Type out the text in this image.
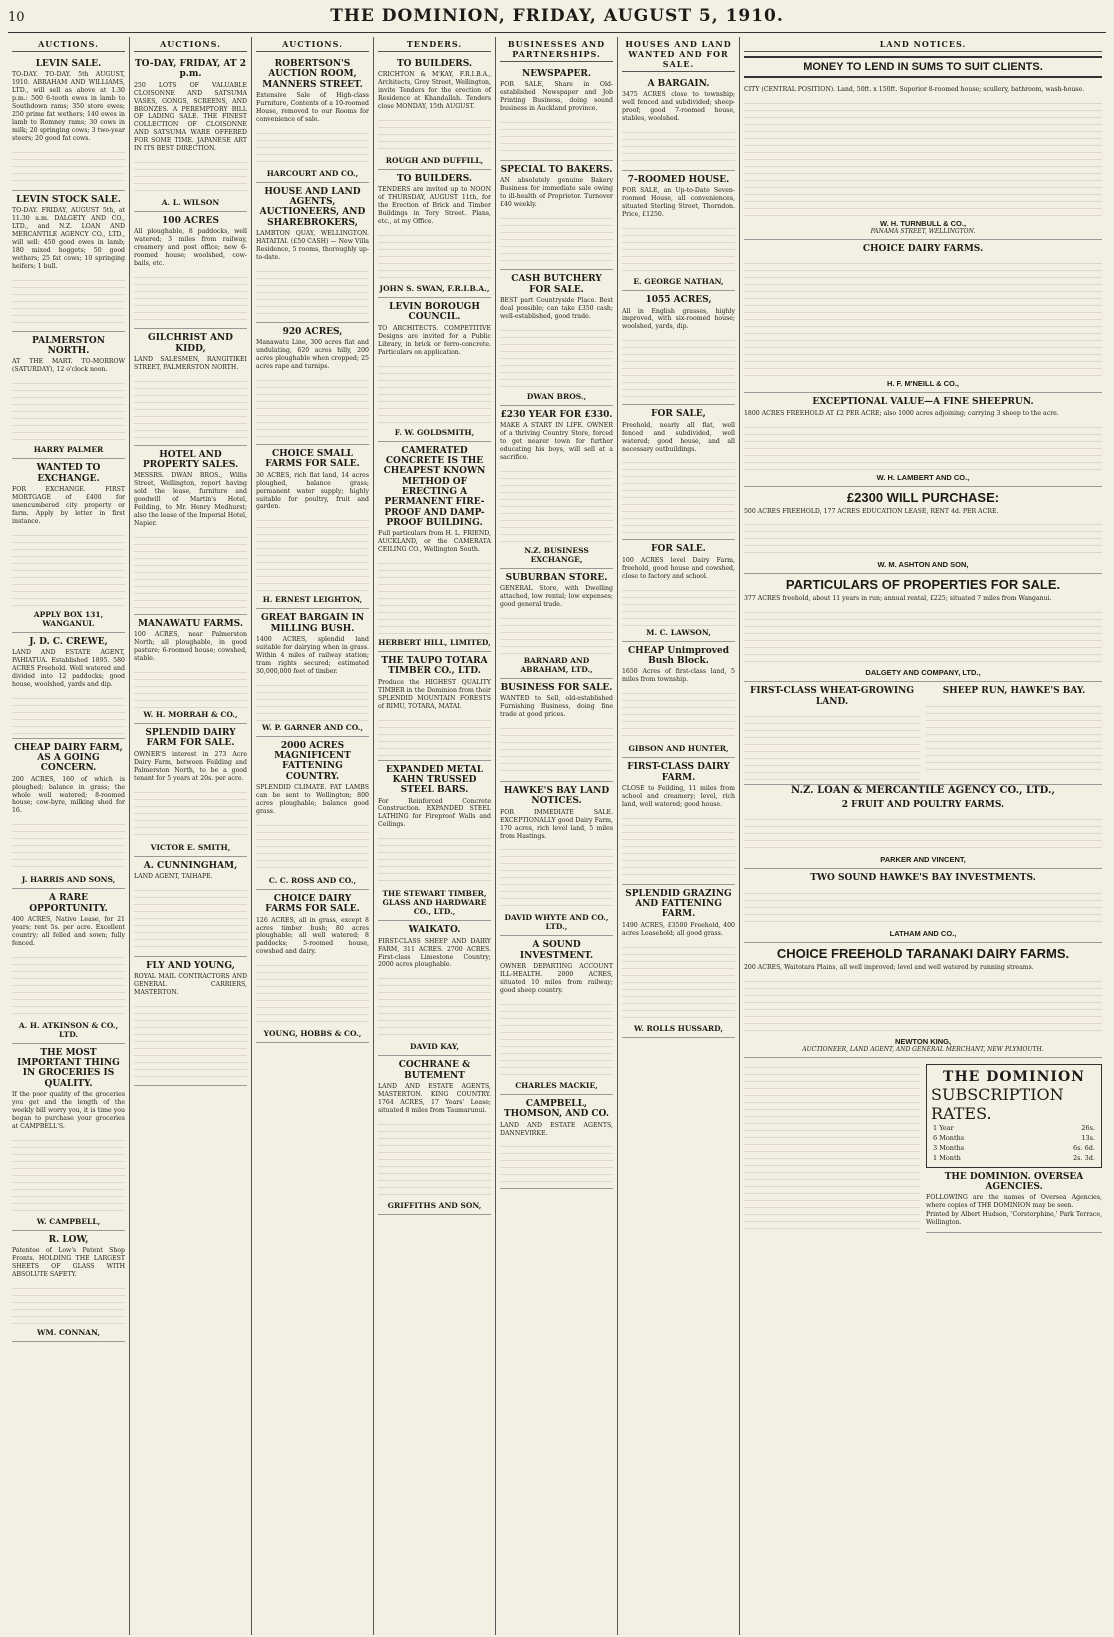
10	THE DOMINION, FRIDAY, AUGUST 5, 1910.
AUCTIONS.
LEVIN SALE.

TO-DAY. TO-DAY. 5th AUGUST, 1910. ABRAHAM AND WILLIAMS, LTD., will sell as above at 1.30 p.m.: 500 6-tooth ewes in lamb to Southdown rams; 350 store ewes; 250 prime fat wethers; 140 ewes in lamb to Romney rams; 30 cows in milk; 20 springing cows; 3 two-year steers; 20 good fat cows.

LEVIN STOCK SALE.

TO-DAY. FRIDAY, AUGUST 5th, at 11.30 a.m. DALGETY AND CO., LTD., and N.Z. LOAN AND MERCANTILE AGENCY CO., LTD., will sell: 450 good ewes in lamb; 180 mixed hoggets; 50 good wethers; 25 fat cows; 10 springing heifers; 1 bull.

PALMERSTON NORTH.

AT THE MART. TO-MORROW (SATURDAY), 12 o'clock noon.

HARRY PALMER
WANTED TO EXCHANGE.

FOR EXCHANGE. FIRST MORTGAGE of £400 for unencumbered city property or farm. Apply by letter in first instance.

APPLY BOX 131, WANGANUI.
J. D. C. CREWE,

LAND AND ESTATE AGENT, PAHIATUA. Established 1895. 580 ACRES Freehold. Well watered and divided into 12 paddocks; good house, woolshed, yards and dip.

CHEAP DAIRY FARM, AS A GOING CONCERN.

200 ACRES, 160 of which is ploughed; balance in grass; the whole well watered; 8-roomed house; cow-byre, milking shed for 16.

J. HARRIS AND SONS,
A RARE OPPORTUNITY.

400 ACRES, Native Lease, for 21 years; rent 5s. per acre. Excellent country; all felled and sown; fully fenced.

A. H. ATKINSON & CO., LTD.
THE MOST IMPORTANT THING IN GROCERIES IS QUALITY.

If the poor quality of the groceries you get and the length of the weekly bill worry you, it is time you began to purchase your groceries at CAMPBELL'S.

W. CAMPBELL,
R. LOW,

Patentee of Low's Patent Shop Fronts. HOLDING THE LARGEST SHEETS OF GLASS WITH ABSOLUTE SAFETY.

WM. CONNAN,
AUCTIONS.
TO-DAY, FRIDAY, AT 2 p.m.

250 LOTS OF VALUABLE CLOISONNE AND SATSUMA VASES, GONGS, SCREENS, AND BRONZES. A PEREMPTORY BILL OF LADING SALE. THE FINEST COLLECTION OF CLOISONNE AND SATSUMA WARE OFFERED FOR SOME TIME. JAPANESE ART IN ITS BEST DIRECTION.

A. L. WILSON
100 ACRES

All ploughable, 8 paddocks, well watered; 3 miles from railway, creamery and post office; new 6-roomed house; woolshed, cow-bails, etc.

GILCHRIST AND KIDD,

LAND SALESMEN, RANGITIKEI STREET, PALMERSTON NORTH.

HOTEL AND PROPERTY SALES.

MESSRS. DWAN BROS., Willis Street, Wellington, report having sold the lease, furniture and goodwill of Martin's Hotel, Feilding, to Mr. Henry Medhurst; also the lease of the Imperial Hotel, Napier.

MANAWATU FARMS.

100 ACRES, near Palmerston North; all ploughable, in good pasture; 6-roomed house; cowshed, stable.

W. H. MORRAH & CO.,
SPLENDID DAIRY FARM FOR SALE.

OWNER'S interest in 273 Acre Dairy Farm, between Feilding and Palmerston North, to be a good tenant for 5 years at 20s. per acre.

VICTOR E. SMITH,
A. CUNNINGHAM,

LAND AGENT, TAIHAPE.

FLY AND YOUNG,

ROYAL MAIL CONTRACTORS AND GENERAL CARRIERS, MASTERTON.

AUCTIONS.
ROBERTSON'S AUCTION ROOM, MANNERS STREET.

Extensive Sale of High-class Furniture, Contents of a 10-roomed House, removed to our Rooms for convenience of sale.

HARCOURT AND CO.,
HOUSE AND LAND AGENTS, AUCTIONEERS, AND SHAREBROKERS,

LAMBTON QUAY, WELLINGTON. HATAITAI. (£50 CASH) — New Villa Residence, 5 rooms, thoroughly up-to-date.

920 ACRES,

Manawatu Line, 300 acres flat and undulating, 620 acres hilly, 200 acres ploughable when cropped; 25 acres rape and turnips.

CHOICE SMALL FARMS FOR SALE.

30 ACRES, rich flat land, 14 acres ploughed, balance grass; permanent water supply; highly suitable for poultry, fruit and garden.

H. ERNEST LEIGHTON,
GREAT BARGAIN IN MILLING BUSH.

1400 ACRES, splendid land suitable for dairying when in grass. Within 4 miles of railway station; tram rights secured; estimated 30,000,000 feet of timber.

W. P. GARNER AND CO.,
2000 ACRES MAGNIFICENT FATTENING COUNTRY.

SPLENDID CLIMATE. FAT LAMBS can be sent to Wellington; 800 acres ploughable; balance good grass.

C. C. ROSS AND CO.,
CHOICE DAIRY FARMS FOR SALE.

126 ACRES, all in grass, except 8 acres timber bush; 80 acres ploughable; all well watered; 8 paddocks; 5-roomed house, cowshed and dairy.

YOUNG, HOBBS & CO.,
TENDERS.
TO BUILDERS.

CRICHTON & M'KAY, F.R.I.B.A., Architects, Grey Street, Wellington, invite Tenders for the erection of Residence at Khandallah. Tenders close MONDAY, 15th AUGUST.

ROUGH AND DUFFILL,
TO BUILDERS.

TENDERS are invited up to NOON of THURSDAY, AUGUST 11th, for the Erection of Brick and Timber Buildings in Tory Street. Plans, etc., at my Office.

JOHN S. SWAN, F.R.I.B.A.,
LEVIN BOROUGH COUNCIL.

TO ARCHITECTS. COMPETITIVE Designs are invited for a Public Library, in brick or ferro-concrete. Particulars on application.

F. W. GOLDSMITH,
CAMERATED CONCRETE IS THE CHEAPEST KNOWN METHOD OF ERECTING A PERMANENT FIRE-PROOF AND DAMP-PROOF BUILDING.

Full particulars from H. L. FRIEND, AUCKLAND, or the CAMERATA CEILING CO., Wellington South.

HERBERT HILL, LIMITED,
THE TAUPO TOTARA TIMBER CO., LTD.

Produce the HIGHEST QUALITY TIMBER in the Dominion from their SPLENDID MOUNTAIN FORESTS of RIMU, TOTARA, MATAI.

EXPANDED METAL KAHN TRUSSED STEEL BARS.

For Reinforced Concrete Construction. EXPANDED STEEL LATHING for Fireproof Walls and Ceilings.

THE STEWART TIMBER, GLASS AND HARDWARE CO., LTD.,
WAIKATO.

FIRST-CLASS SHEEP AND DAIRY FARM, 311 ACRES. 2700 ACRES. First-class Limestone Country; 2000 acres ploughable.

DAVID KAY,
COCHRANE & BUTEMENT

LAND AND ESTATE AGENTS, MASTERTON. KING COUNTRY. 1764 ACRES, 17 Years' Lease; situated 8 miles from Taumarunui.

GRIFFITHS AND SON,
BUSINESSES AND PARTNERSHIPS.
NEWSPAPER.

FOR SALE, Share in Old-established Newspaper and Job Printing Business, doing sound business in Auckland province.

SPECIAL TO BAKERS.

AN absolutely genuine Bakery Business for immediate sale owing to ill-health of Proprietor. Turnover £40 weekly.

CASH BUTCHERY FOR SALE.

BEST part Countryside Place. Best deal possible; can take £350 cash; well-established, good trade.

DWAN BROS.,
£230 YEAR FOR £330.

MAKE A START IN LIFE. OWNER of a thriving Country Store, forced to get nearer town for further educating his boys, will sell at a sacrifice.

N.Z. BUSINESS EXCHANGE,
SUBURBAN STORE.

GENERAL Store, with Dwelling attached, low rental; low expenses; good general trade.

BARNARD AND ABRAHAM, LTD.,
BUSINESS FOR SALE.

WANTED to Sell, old-established Furnishing Business, doing fine trade at good prices.

HAWKE'S BAY LAND NOTICES.

FOR IMMEDIATE SALE. EXCEPTIONALLY good Dairy Farm, 170 acres, rich level land, 5 miles from Hastings.

DAVID WHYTE AND CO., LTD.,
A SOUND INVESTMENT.

OWNER DEPARTING ACCOUNT ILL-HEALTH. 2000 ACRES, situated 10 miles from railway; good sheep country.

CHARLES MACKIE,
CAMPBELL, THOMSON, AND CO.

LAND AND ESTATE AGENTS, DANNEVIRKE.

HOUSES AND LAND WANTED AND FOR SALE.
A BARGAIN.

3475 ACRES close to township; well fenced and subdivided; sheep-proof; good 7-roomed house, stables, woolshed.

7-ROOMED HOUSE.

FOR SALE, an Up-to-Date Seven-roomed House, all conveniences, situated Sterling Street, Thorndon. Price, £1250.

E. GEORGE NATHAN,
1055 ACRES,

All in English grasses, highly improved, with six-roomed house; woolshed, yards, dip.

FOR SALE,

Freehold, nearly all flat, well fenced and subdivided, well watered; good house, and all necessary outbuildings.

FOR SALE.

100 ACRES level Dairy Farm, freehold, good house and cowshed, close to factory and school.

M. C. LAWSON,
CHEAP Unimproved Bush Block.

1650 Acres of first-class land, 5 miles from township.

GIBSON AND HUNTER,
FIRST-CLASS DAIRY FARM.

CLOSE to Feilding, 11 miles from school and creamery; level, rich land, well watered; good house.

SPLENDID GRAZING AND FATTENING FARM.

1490 ACRES, £3500 Freehold, 400 acres Leasehold; all good grass.

W. ROLLS HUSSARD,
LAND NOTICES.
MONEY TO LEND IN SUMS TO SUIT CLIENTS.

CITY (CENTRAL POSITION). Land, 50ft. x 150ft. Superior 8-roomed house; scullery, bathroom, wash-house.

W. H. TURNBULL & CO.,
PANAMA STREET, WELLINGTON.
CHOICE DAIRY FARMS.
H. F. M'NEILL & CO.,
EXCEPTIONAL VALUE—A FINE SHEEPRUN.

1800 ACRES FREEHOLD AT £2 PER ACRE; also 1000 acres adjoining; carrying 3 sheep to the acre.

W. H. LAMBERT AND CO.,
£2300 WILL PURCHASE:

500 ACRES FREEHOLD, 177 ACRES EDUCATION LEASE, RENT 4d. PER ACRE.

W. M. ASHTON AND SON,
PARTICULARS OF PROPERTIES FOR SALE.

377 ACRES freehold, about 11 years in run; annual rental, £225; situated 7 miles from Wanganui.

DALGETY AND COMPANY, LTD.,
FIRST-CLASS WHEAT-GROWING LAND.
SHEEP RUN, HAWKE'S BAY.
N.Z. LOAN & MERCANTILE AGENCY CO., LTD.,
2 FRUIT AND POULTRY FARMS.
PARKER AND VINCENT,
TWO SOUND HAWKE'S BAY INVESTMENTS.
LATHAM AND CO.,
CHOICE FREEHOLD TARANAKI DAIRY FARMS.

200 ACRES, Waitotara Plains, all well improved; level and well watered by running streams.

NEWTON KING,
AUCTIONEER, LAND AGENT, AND GENERAL MERCHANT, NEW PLYMOUTH.
THE DOMINION
SUBSCRIPTION RATES.
1 Year	26s.
6 Months	13s.
3 Months	6s. 6d.
1 Month	2s. 3d.
THE DOMINION. OVERSEA AGENCIES.

FOLLOWING are the names of Oversea Agencies, where copies of THE DOMINION may be seen.

Printed by Albert Hudson, 'Corstorphine,' Park Terrace, Wellington.
